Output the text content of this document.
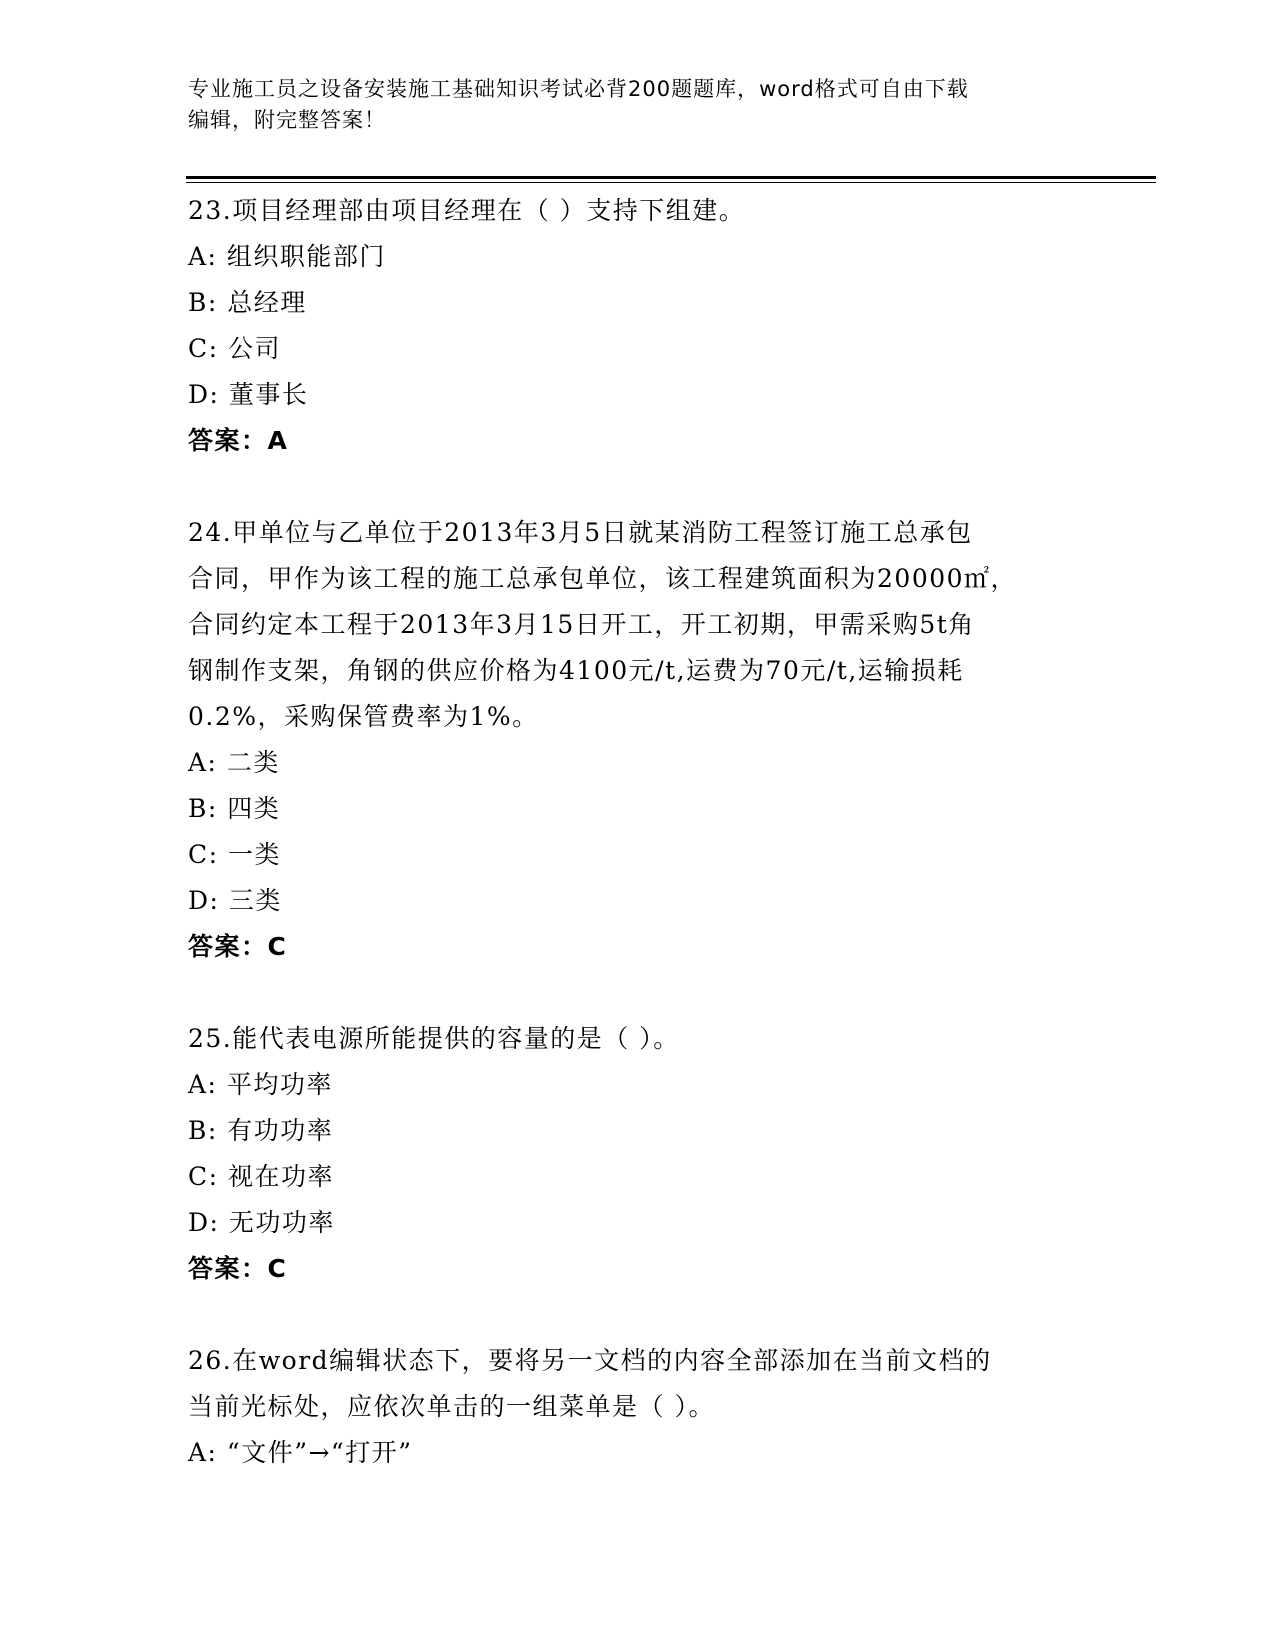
专业施工员之设备安装施工基础知识考试必背200题题库，word格式可自由下载
编辑，附完整答案！
23.项目经理部由项目经理在（ ）支持下组建。
A: 组织职能部门
B: 总经理
C: 公司
D: 董事长
答案：A
24.甲单位与乙单位于2013年3月5日就某消防工程签订施工总承包
合同，甲作为该工程的施工总承包单位，该工程建筑面积为20000㎡，
合同约定本工程于2013年3月15日开工，开工初期，甲需采购5t角
钢制作支架，角钢的供应价格为4100元/t,运费为70元/t,运输损耗
0.2%，采购保管费率为1%。
A: 二类
B: 四类
C: 一类
D: 三类
答案：C
25.能代表电源所能提供的容量的是（ ）。
A: 平均功率
B: 有功功率
C: 视在功率
D: 无功功率
答案：C
26.在word编辑状态下，要将另一文档的内容全部添加在当前文档的
当前光标处，应依次单击的一组菜单是（ ）。
A: “文件”→“打开”
